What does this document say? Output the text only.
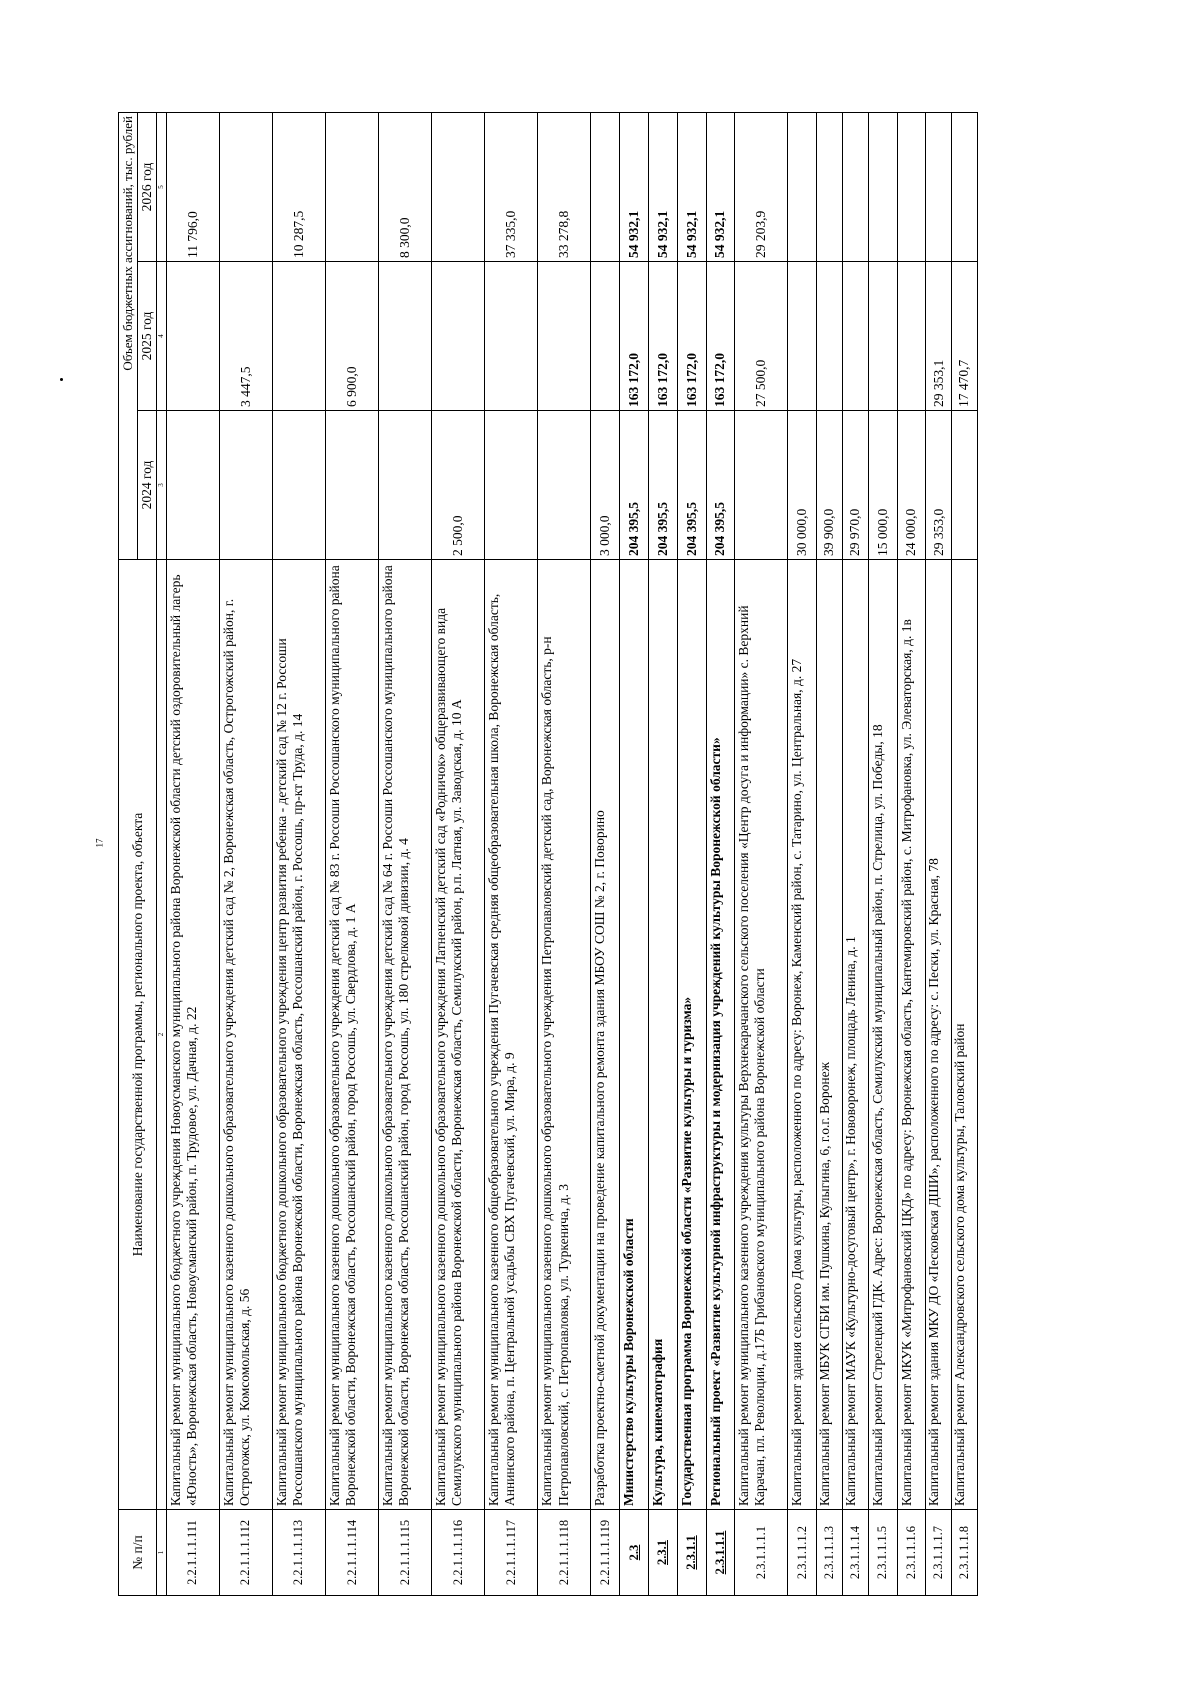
17
№ п/п	Наименование государственной программы, регионального проекта, объекта	Объем бюджетных ассигнований, тыс. рублей		
		2024 год	2025 год	2026 год
1	2	3	4	5
2.2.1.1.1.111	Капитальный ремонт муниципального бюджетного учреждения Новоусманского муниципального района Воронежской области детский оздоровительный лагерь «Юность», Воронежская область, Новоусманский район, п. Трудовое, ул. Дачная, д. 22			11 796,0
2.2.1.1.1.112	Капитальный ремонт муниципального казенного дошкольного образовательного учреждения детский сад № 2, Воронежская область, Острогожский район, г. Острогожск, ул. Комсомольская, д. 56		3 447,5	
2.2.1.1.1.113	Капитальный ремонт муниципального бюджетного дошкольного образовательного учреждения центр развития ребенка - детский сад № 12 г. Россоши Россошанского муниципального района Воронежской области, Воронежская область, Россошанский район, г. Россошь, пр-кт Труда, д. 14			10 287,5
2.2.1.1.1.114	Капитальный ремонт муниципального казенного дошкольного образовательного учреждения детский сад № 83 г. Россоши Россошанского муниципального района Воронежской области, Воронежская область, Россошанский район, город Россошь, ул. Свердлова, д. 1 А		6 900,0	
2.2.1.1.1.115	Капитальный ремонт муниципального казенного дошкольного образовательного учреждения детский сад № 64 г. Россоши Россошанского муниципального района Воронежской области, Воронежская область, Россошанский район, город Россошь, ул. 180 стрелковой дивизии, д. 4			8 300,0
2.2.1.1.1.116	Капитальный ремонт муниципального казенного дошкольного образовательного учреждения Латненский детский сад «Родничок» общеразвивающего вида Семилукского муниципального района Воронежской области, Воронежская область, Семилукский район, р.п. Латная, ул. Заводская, д. 10 А	2 500,0		
2.2.1.1.1.117	Капитальный ремонт муниципального казенного общеобразовательного учреждения Пугачевская средняя общеобразовательная школа, Воронежская область, Аннинского района, п. Центральной усадьбы СВХ Пугачевский, ул. Мира, д. 9			37 335,0
2.2.1.1.1.118	Капитальный ремонт муниципального казенного дошкольного образовательного учреждения Петропавловский детский сад, Воронежская область, р-н Петропавловский, с. Петропавловка, ул. Туркенича, д. 3			33 278,8
2.2.1.1.1.119	Разработка проектно-сметной документации на проведение капитального ремонта здания МБОУ СОШ № 2, г. Поворино	3 000,0		
2.3	Министерство культуры Воронежской области	204 395,5	163 172,0	54 932,1
2.3.1	Культура, кинематография	204 395,5	163 172,0	54 932,1
2.3.1.1	Государственная программа Воронежской области «Развитие культуры и туризма»	204 395,5	163 172,0	54 932,1
2.3.1.1.1	Региональный проект «Развитие культурной инфраструктуры и модернизация учреждений культуры Воронежской области»	204 395,5	163 172,0	54 932,1
2.3.1.1.1.1	Капитальный ремонт муниципального казенного учреждения культуры Верхнекарачанского сельского поселения «Центр досуга и информации» с. Верхний Карачан, пл. Революции, д.17Б Грибановского муниципального района Воронежской области		27 500,0	29 203,9
2.3.1.1.1.2	Капитальный ремонт здания сельского Дома культуры, расположенного по адресу: Воронеж, Каменский район, с. Татарино, ул. Центральная, д. 27	30 000,0		
2.3.1.1.1.3	Капитальный ремонт МБУК СГБИ им. Пушкина, Кулыгина, 6, г.о.г. Воронеж	39 900,0		
2.3.1.1.1.4	Капитальный ремонт МАУК «Культурно-досуговый центр», г. Нововоронеж, площадь Ленина, д. 1	29 970,0		
2.3.1.1.1.5	Капитальный ремонт Стрелецкий ГДК. Адрес: Воронежская область, Семилукский муниципальный район, п. Стрелица, ул. Победы, 18	15 000,0		
2.3.1.1.1.6	Капитальный ремонт МКУК «Митрофановский ЦКД» по адресу: Воронежская область, Кантемировский район, с. Митрофановка, ул. Элеваторская, д. 1в	24 000,0		
2.3.1.1.1.7	Капитальный ремонт здания МКУ ДО «Песковская ДШИ», расположенного по адресу: с. Пески, ул. Красная, 78	29 353,0	29 353,1	
2.3.1.1.1.8	Капитальный ремонт Александровского сельского дома культуры, Таловский район		17 470,7	
